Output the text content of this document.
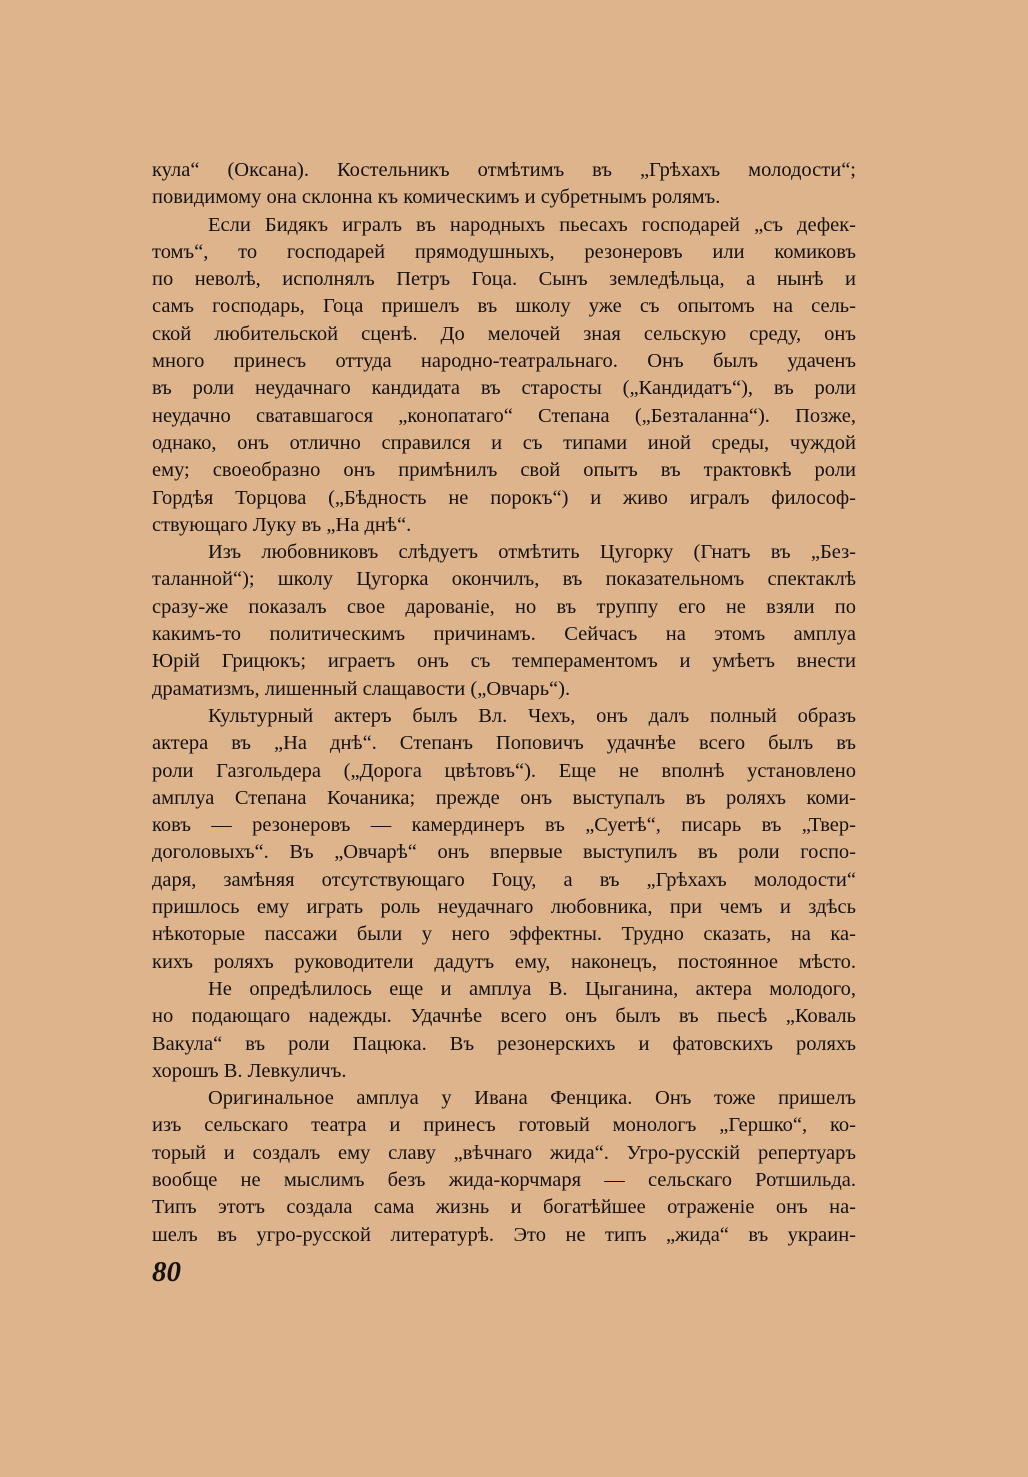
кула“ (Оксана). Костельникъ отмѣтимъ въ „Грѣхахъ молодости“;
повидимому она склонна къ комическимъ и субретнымъ ролямъ.
Если Бидякъ игралъ въ народныхъ пьесахъ господарей „съ дефек-
томъ“, то господарей прямодушныхъ, резонеровъ или комиковъ
по неволѣ, исполнялъ Петръ Гоца. Сынъ земледѣльца, а нынѣ и
самъ господарь, Гоца пришелъ въ школу уже съ опытомъ на сель-
ской любительской сценѣ. До мелочей зная сельскую среду, онъ
много принесъ оттуда народно-театральнаго. Онъ былъ удаченъ
въ роли неудачнаго кандидата въ старосты („Кандидатъ“), въ роли
неудачно сватавшагося „конопатаго“ Степана („Безталанна“). Позже,
однако, онъ отлично справился и съ типами иной среды, чуждой
ему; своеобразно онъ примѣнилъ свой опытъ въ трактовкѣ роли
Гордѣя Торцова („Бѣдность не порокъ“) и живо игралъ философ-
ствующаго Луку въ „На днѣ“.
Изъ любовниковъ слѣдуетъ отмѣтить Цугорку (Гнатъ въ „Без-
таланной“); школу Цугорка окончилъ, въ показательномъ спектаклѣ
сразу-же показалъ свое дарованіе, но въ труппу его не взяли по
какимъ-то политическимъ причинамъ. Сейчасъ на этомъ амплуа
Юрій Грицюкъ; играетъ онъ съ темпераментомъ и умѣетъ внести
драматизмъ, лишенный слащавости („Овчарь“).
Культурный актеръ былъ Вл. Чехъ, онъ далъ полный образъ
актера въ „На днѣ“. Степанъ Поповичъ удачнѣе всего былъ въ
роли Газгольдера („Дорога цвѣтовъ“). Еще не вполнѣ установлено
амплуа Степана Кочаника; прежде онъ выступалъ въ роляхъ коми-
ковъ — резонеровъ — камердинеръ въ „Суетѣ“, писарь въ „Твер-
доголовыхъ“. Въ „Овчарѣ“ онъ впервые выступилъ въ роли госпо-
даря, замѣняя отсутствующаго Гоцу, а въ „Грѣхахъ молодости“
пришлось ему играть роль неудачнаго любовника, при чемъ и здѣсь
нѣкоторые пассажи были у него эффектны. Трудно сказать, на ка-
кихъ роляхъ руководители дадутъ ему, наконецъ, постоянное мѣсто.
Не опредѣлилось еще и амплуа В. Цыганина, актера молодого,
но подающаго надежды. Удачнѣе всего онъ былъ въ пьесѣ „Коваль
Вакула“ въ роли Пацюка. Въ резонерскихъ и фатовскихъ роляхъ
хорошъ В. Левкуличъ.
Оригинальное амплуа у Ивана Фенцика. Онъ тоже пришелъ
изъ сельскаго театра и принесъ готовый монологъ „Гершко“, ко-
торый и создалъ ему славу „вѣчнаго жида“. Угро-русскій репертуаръ
вообще не мыслимъ безъ жида-корчмаря — сельскаго Ротшильда.
Типъ этотъ создала сама жизнь и богатѣйшее отраженіе онъ на-
шелъ въ угро-русской литературѣ. Это не типъ „жида“ въ украин-
80
